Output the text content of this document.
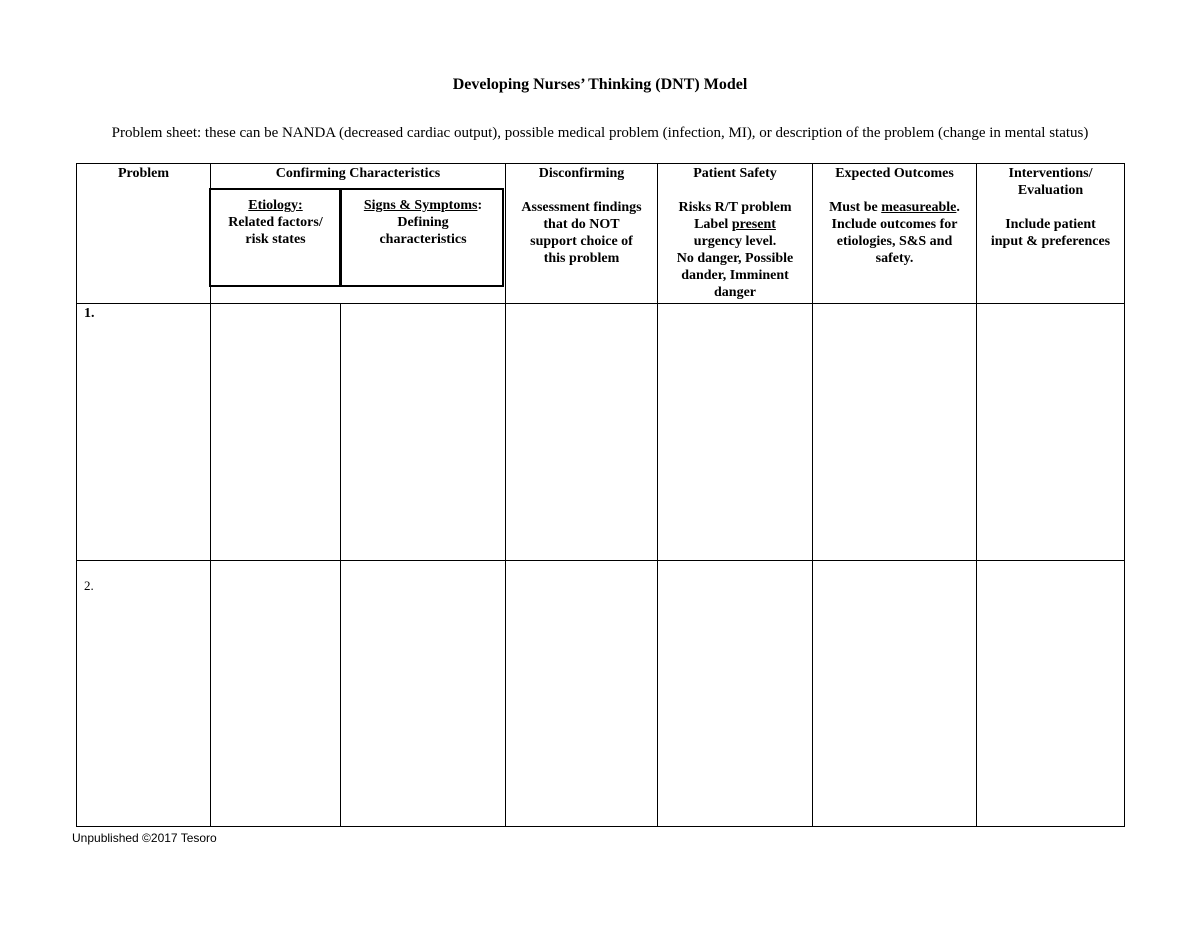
Developing Nurses’ Thinking (DNT) Model
Problem sheet: these can be NANDA (decreased cardiac output), possible medical problem (infection, MI), or description of the problem (change in mental status)
Problem	Confirming Characteristics
Etiology:
Related factors/
risk states
Signs & Symptoms:
Defining
characteristics
Disconfirming
Assessment findings
that do NOT
support choice of
this problem
Patient Safety
Risks R/T problem
Label present
urgency level.
No danger, Possible
dander, Imminent
danger
Expected Outcomes
Must be measureable.
Include outcomes for
etiologies, S&S and
safety.
Interventions/
Evaluation
Include patient
input & preferences
1.
2.
Unpublished ©2017 Tesoro
